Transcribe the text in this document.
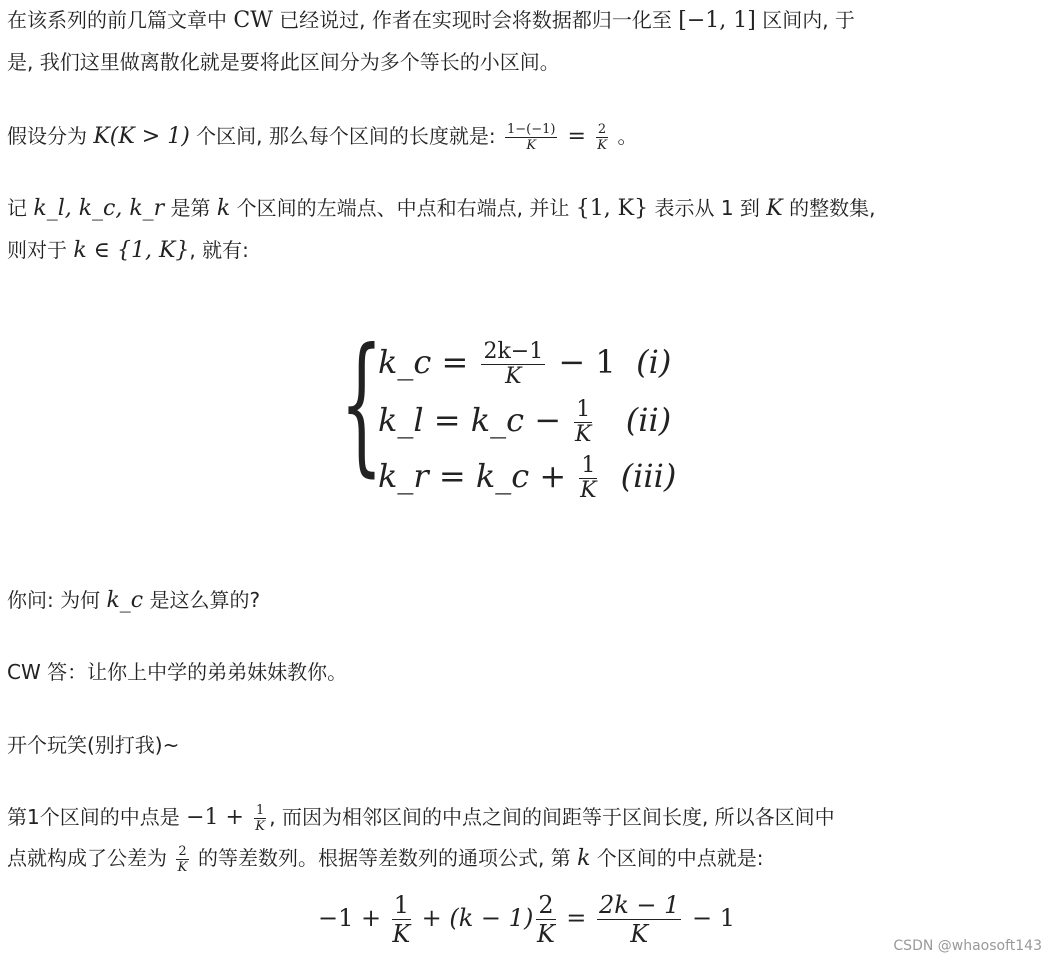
在该系列的前几篇文章中 CW 已经说过, 作者在实现时会将数据都归一化至 [−1, 1] 区间内, 于
是, 我们这里做离散化就是要将此区间分为多个等长的小区间。
假设分为 K(K > 1) 个区间, 那么每个区间的长度就是: $\frac{1-(-1)}{K} = \frac{2}{K}$ 。
记 k_l, k_c, k_r 是第 k 个区间的左端点、中点和右端点, 并让 {1, K} 表示从 1 到 K 的整数集,
则对于 k ∈ {1, K}, 就有:
{
k_c = $\frac{2k-1}{K} - 1$ (i)
k_l = k_c − $\frac{1}{K} (ii)$
k_r = k_c + $\frac{1}{K} (iii)$
你问: 为何 k_c 是这么算的?
CW 答：让你上中学的弟弟妹妹教你。
开个玩笑(别打我)~
第1个区间的中点是 $-1 + \frac{1}{K}$ , 而因为相邻区间的中点之间的间距等于区间长度, 所以各区间中
点就构成了公差为 $\frac{2}{K}$ 的等差数列。根据等差数列的通项公式, 第 k 个区间的中点就是:
$-1 + \frac{1}{K} + (k - 1) \frac{2}{K} = \frac{2k - 1}{K} - 1$
CSDN @whaosoft143
